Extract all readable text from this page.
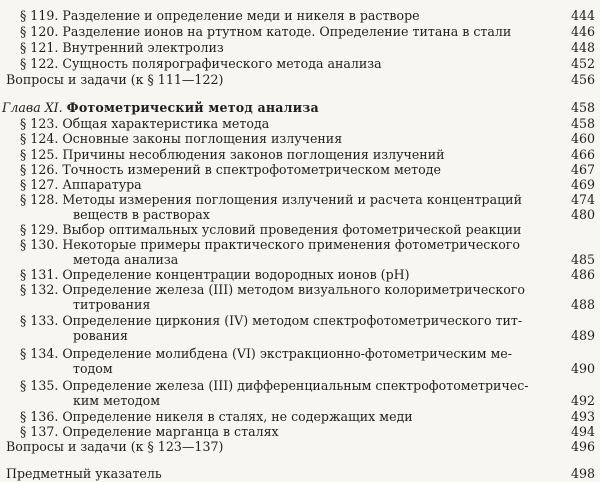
§ 119. Разделение и определение меди и никеля в растворе	444
§ 120. Разделение ионов на ртутном катоде. Определение титана в стали	446
§ 121. Внутренний электролиз	448
§ 122. Сущность полярографического метода анализа	452
Вопросы и задачи (к § 111—122)	456
Глава XI. Фотометрический метод анализа	458
§ 123. Общая характеристика метода	458
§ 124. Основные законы поглощения излучения	460
§ 125. Причины несоблюдения законов поглощения излучений	466
§ 126. Точность измерений в спектрофотометрическом методе	467
§ 127. Аппаратура	469
§ 128. Методы измерения поглощения излучений и расчета концентраций	474
вещеcтв в растворах	480
§ 129. Выбор оптимальных условий проведения фотометрической реакции
§ 130. Некоторые примеры практического применения фотометрического
метода анализа	485
§ 131. Определение концентрации водородных ионов (pH)	486
§ 132. Определение железа (III) методом визуального колориметрического
титрования	488
§ 133. Определение циркония (IV) методом спектрофотометрического тит-
рования	489
§ 134. Определение молибдена (VI) экстракционно-фотометрическим ме-
тодом	490
§ 135. Определение железа (III) дифференциальным спектрофотометричес-
ким методом	492
§ 136. Определение никеля в сталях, не содержащих меди	493
§ 137. Определение марганца в сталях	494
Вопросы и задачи (к § 123—137)	496
Предметный указатель	498
